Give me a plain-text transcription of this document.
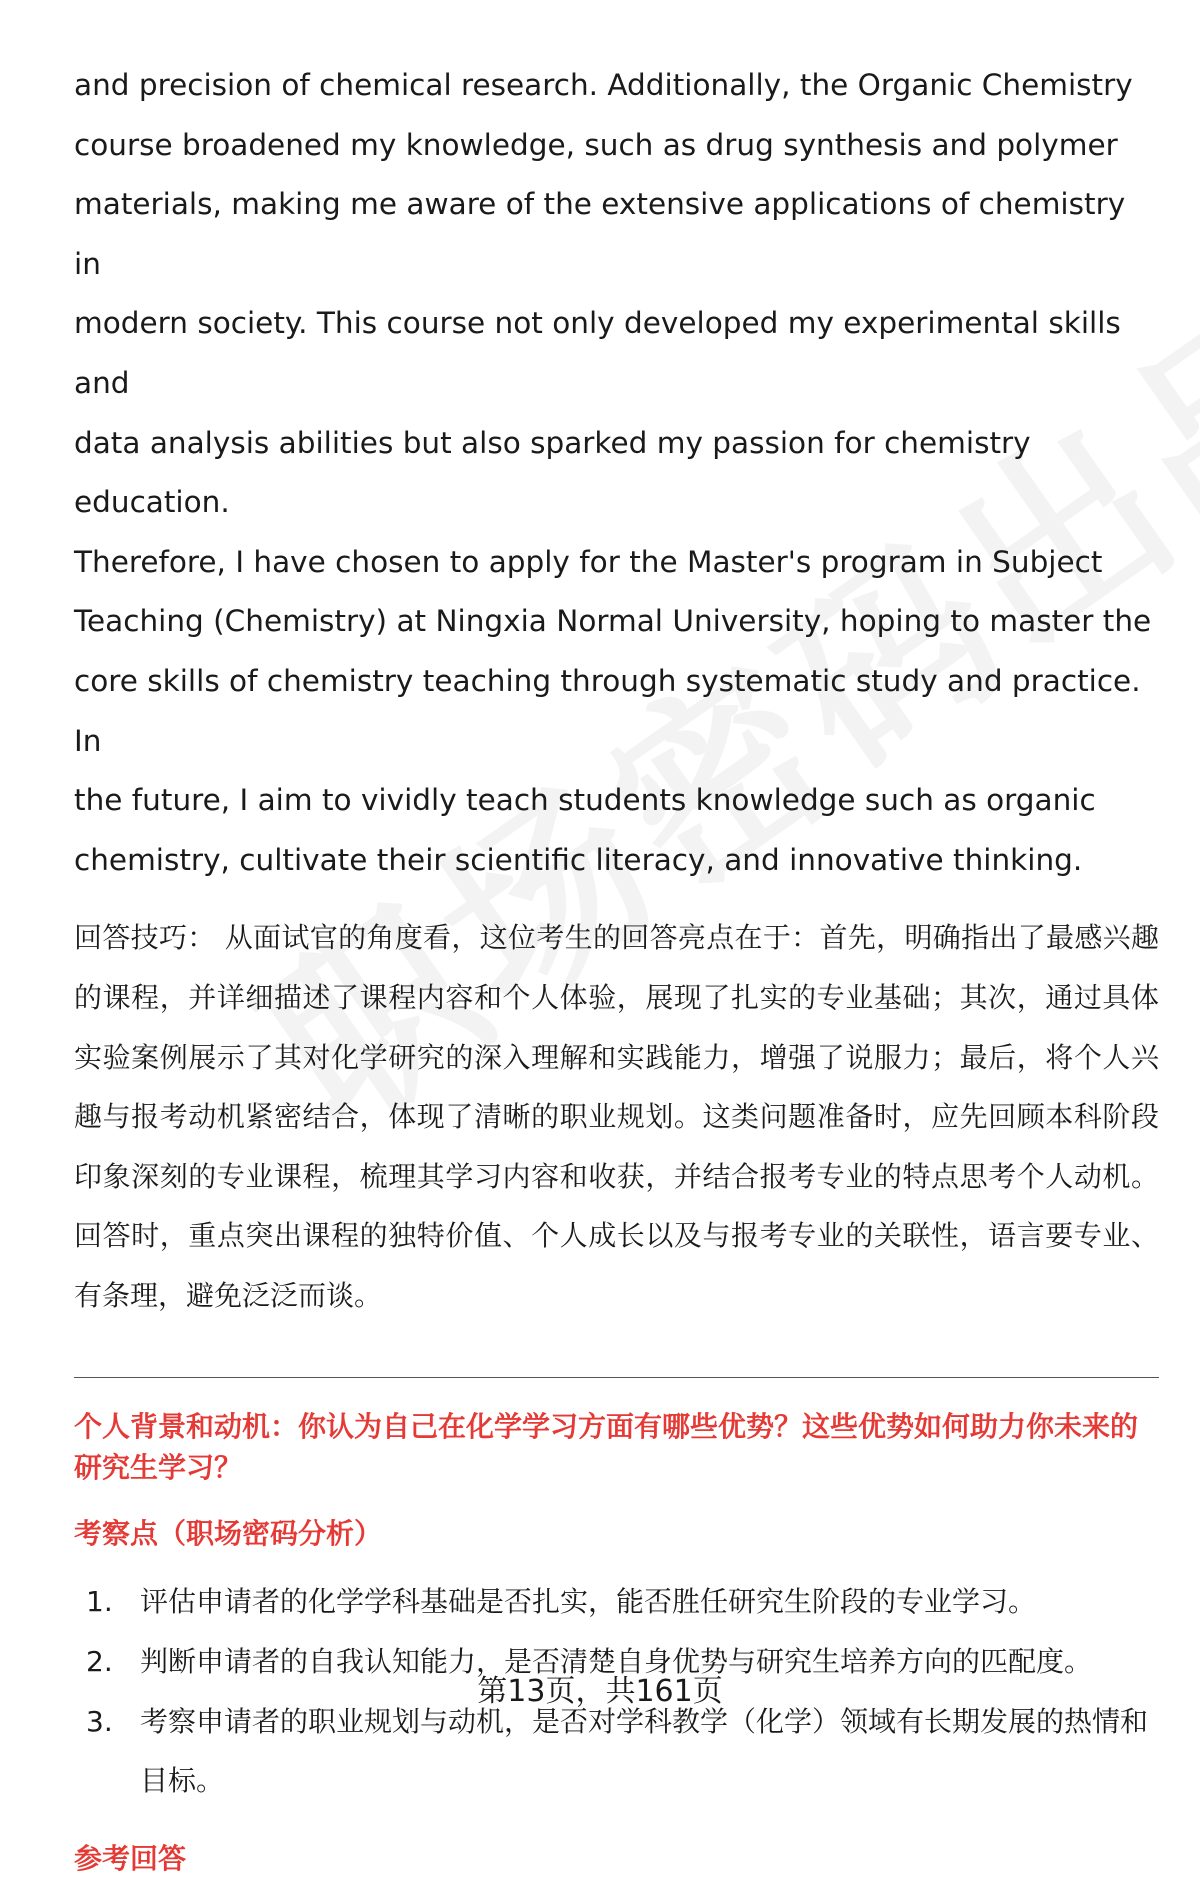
and precision of chemical research. Additionally, the Organic Chemistry
course broadened my knowledge, such as drug synthesis and polymer
materials, making me aware of the extensive applications of chemistry in
modern society. This course not only developed my experimental skills and
data analysis abilities but also sparked my passion for chemistry education.
Therefore, I have chosen to apply for the Master's program in Subject
Teaching (Chemistry) at Ningxia Normal University, hoping to master the
core skills of chemistry teaching through systematic study and practice. In
the future, I aim to vividly teach students knowledge such as organic
chemistry, cultivate their scientific literacy, and innovative thinking.

回答技巧： 从面试官的角度看，这位考生的回答亮点在于：首先，明确指出了最感兴趣的课程，并详细描述了课程内容和个人体验，展现了扎实的专业基础；其次，通过具体实验案例展示了其对化学研究的深入理解和实践能力，增强了说服力；最后，将个人兴趣与报考动机紧密结合，体现了清晰的职业规划。这类问题准备时，应先回顾本科阶段印象深刻的专业课程，梳理其学习内容和收获，并结合报考专业的特点思考个人动机。回答时，重点突出课程的独特价值、个人成长以及与报考专业的关联性，语言要专业、有条理，避免泛泛而谈。

个人背景和动机：你认为自己在化学学习方面有哪些优势？这些优势如何助力你未来的研究生学习？
考察点（职场密码分析）
1. 评估申请者的化学学科基础是否扎实，能否胜任研究生阶段的专业学习。
2. 判断申请者的自我认知能力，是否清楚自身优势与研究生培养方向的匹配度。
3. 考察申请者的职业规划与动机，是否对学科教学（化学）领域有长期发展的热情和目标。
参考回答
第13页，共161页
